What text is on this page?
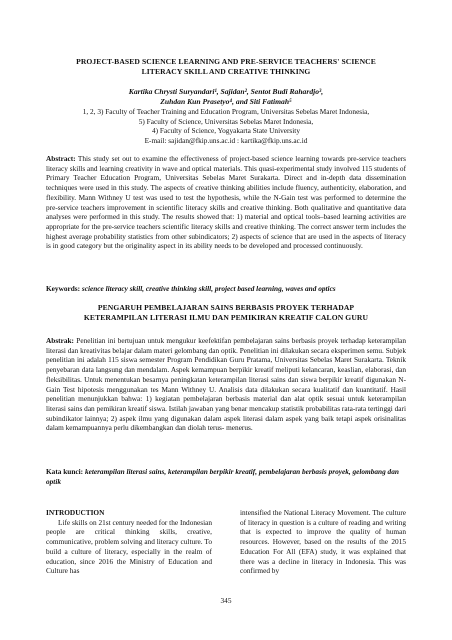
PROJECT-BASED SCIENCE LEARNING AND PRE-SERVICE TEACHERS' SCIENCE
LITERACY SKILL AND CREATIVE THINKING
Kartika Chrysti Suryandari¹, Sajidan², Sentot Budi Rahardjo³,
Zuhdan Kun Prasetyo⁴, and Siti Fatimah⁵
1, 2, 3) Faculty of Teacher Training and Education Program, Universitas Sebelas Maret Indonesia,
5) Faculty of Science, Universitas Sebelas Maret Indonesia,
4) Faculty of Science, Yogyakarta State University
E-mail: sajidan@fkip.uns.ac.id : kartika@fkip.uns.ac.id
Abstract: This study set out to examine the effectiveness of project-based science learning towards pre-service teachers literacy skills and learning creativity in wave and optical materials. This quasi-experimental study involved 115 students of Primary Teacher Education Program, Universitas Sebelas Maret Surakarta. Direct and in-depth data dissemination techniques were used in this study. The aspects of creative thinking abilities include fluency, authenticity, elaboration, and flexibility. Mann Withney U test was used to test the hypothesis, while the N-Gain test was performed to determine the pre-service teachers improvement in scientific literacy skills and creative thinking. Both qualitative and quantitative data analyses were performed in this study. The results showed that: 1) material and optical tools–based learning activities are appropriate for the pre-service teachers scientific literacy skills and creative thinking. The correct answer term includes the highest average probability statistics from other subindicators; 2) aspects of science that are used in the aspects of literacy is in good category but the originality aspect in its ability needs to be developed and processed continuously.
Keywords: science literacy skill, creative thinking skill, project based learning, waves and optics
PENGARUH PEMBELAJARAN SAINS BERBASIS PROYEK TERHADAP
KETERAMPILAN LITERASI ILMU DAN PEMIKIRAN KREATIF CALON GURU
Abstrak: Penelitian ini bertujuan untuk mengukur keefektifan pembelajaran sains berbasis proyek terhadap keterampilan literasi dan kreativitas belajar dalam materi gelombang dan optik. Penelitian ini dilakukan secara eksperimen semu. Subjek penelitian ini adalah 115 siswa semester Program Pendidikan Guru Pratama, Universitas Sebelas Maret Surakarta. Teknik penyebaran data langsung dan mendalam. Aspek kemampuan berpikir kreatif meliputi kelancaran, keaslian, elaborasi, dan fleksibilitas. Untuk menentukan besarnya peningkatan keterampilan literasi sains dan siswa berpikir kreatif digunakan N-Gain Test hipotesis menggunakan tes Mann Withney U. Analisis data dilakukan secara kualitatif dan kuantitatif. Hasil penelitian menunjukkan bahwa: 1) kegiatan pembelajaran berbasis material dan alat optik sesuai untuk keterampilan literasi sains dan pemikiran kreatif siswa. Istilah jawaban yang benar mencakup statistik probabilitas rata-rata tertinggi dari subindikator lainnya; 2) aspek ilmu yang digunakan dalam aspek literasi dalam aspek yang baik tetapi aspek orisinalitas dalam kemampuannya perlu dikembangkan dan diolah terus- menerus.
Kata kunci: keterampilan literasi sains, keterampilan berpikir kreatif, pembelajaran berbasis proyek, gelombang dan optik
INTRODUCTION

Life skills on 21st century needed for the Indonesian people are critical thinking skills, creative, communicative, problem solving and literacy culture. To build a culture of literacy, especially in the realm of education, since 2016 the Ministry of Education and Culture has

intensified the National Literacy Movement. The culture of literacy in question is a culture of reading and writing that is expected to improve the quality of human resources. However, based on the results of the 2015 Education For All (EFA) study, it was explained that there was a decline in literacy in Indonesia. This was confirmed by

345
